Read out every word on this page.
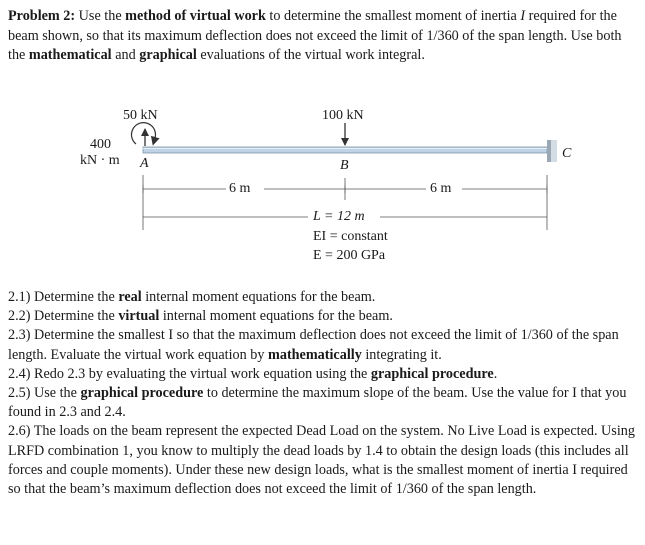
Problem 2: Use the method of virtual work to determine the smallest moment of inertia I required for the beam shown, so that its maximum deflection does not exceed the limit of 1/360 of the span length. Use both the mathematical and graphical evaluations of the virtual work integral.
50 kN	100 kN
400
kN · m A	B
C
6 m	6 m
L = 12 m
EI = constant
E = 200 GPa

2.1) Determine the real internal moment equations for the beam.

2.2) Determine the virtual internal moment equations for the beam.

2.3) Determine the smallest I so that the maximum deflection does not exceed the limit of 1/360 of the span length. Evaluate the virtual work equation by mathematically integrating it.

2.4) Redo 2.3 by evaluating the virtual work equation using the graphical procedure.

2.5) Use the graphical procedure to determine the maximum slope of the beam. Use the value for I that you found in 2.3 and 2.4.

2.6) The loads on the beam represent the expected Dead Load on the system. No Live Load is expected. Using LRFD combination 1, you know to multiply the dead loads by 1.4 to obtain the design loads (this includes all forces and couple moments). Under these new design loads, what is the smallest moment of inertia I required so that the beam’s maximum deflection does not exceed the limit of 1/360 of the span length.
